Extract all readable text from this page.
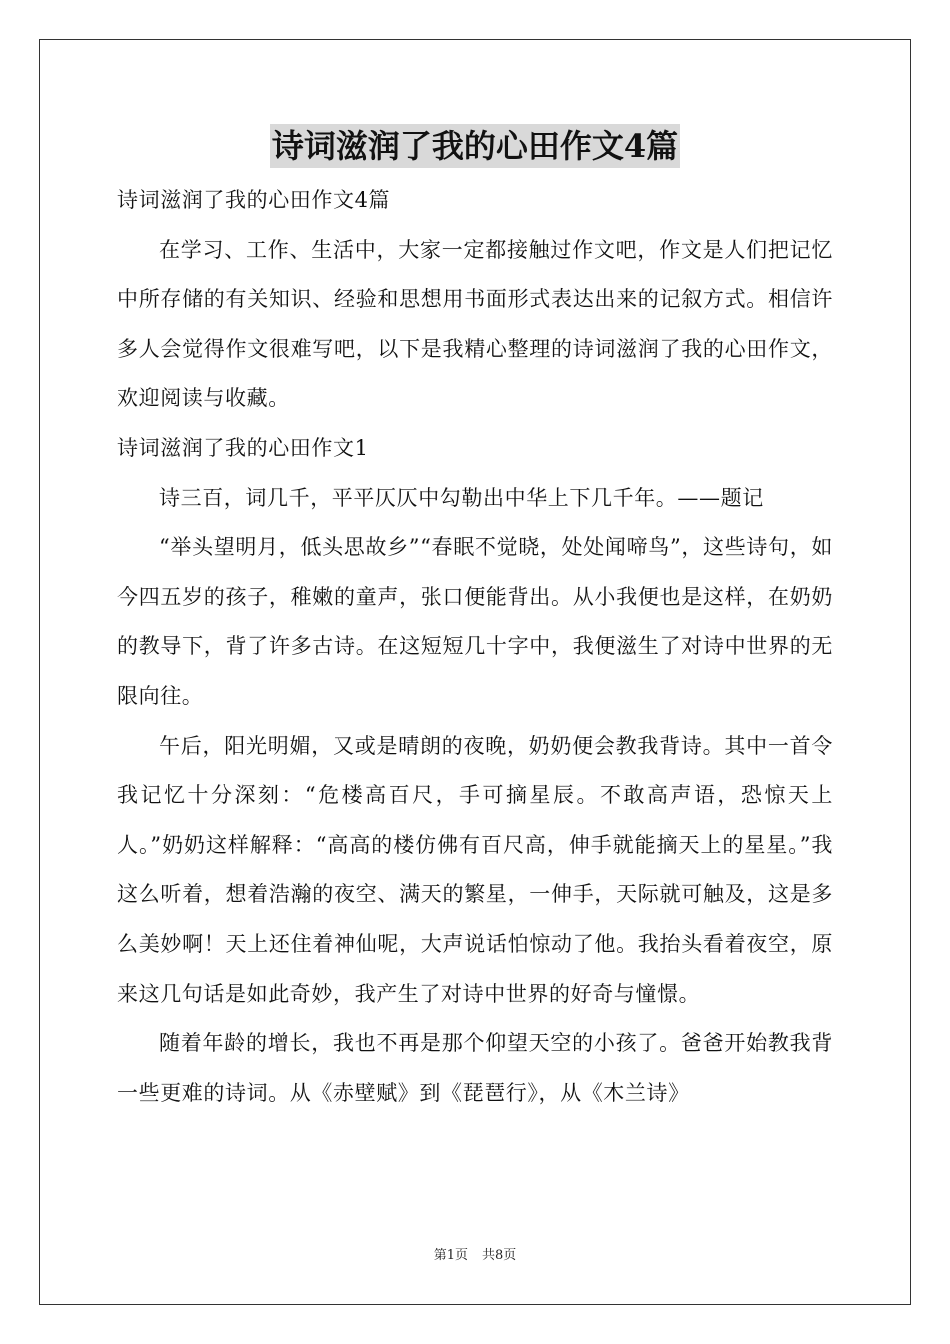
诗词滋润了我的心田作文4篇

诗词滋润了我的心田作文4篇

在学习、工作、生活中，大家一定都接触过作文吧，作文是人们把记忆中所存储的有关知识、经验和思想用书面形式表达出来的记叙方式。相信许多人会觉得作文很难写吧，以下是我精心整理的诗词滋润了我的心田作文，欢迎阅读与收藏。

诗词滋润了我的心田作文1

诗三百，词几千，平平仄仄中勾勒出中华上下几千年。——题记

“举头望明月，低头思故乡”“春眠不觉晓，处处闻啼鸟”，这些诗句，如今四五岁的孩子，稚嫩的童声，张口便能背出。从小我便也是这样，在奶奶的教导下，背了许多古诗。在这短短几十字中，我便滋生了对诗中世界的无限向往。

午后，阳光明媚，又或是晴朗的夜晚，奶奶便会教我背诗。其中一首令我记忆十分深刻：“危楼高百尺，手可摘星辰。不敢高声语，恐惊天上人。”奶奶这样解释：“高高的楼仿佛有百尺高，伸手就能摘天上的星星。”我这么听着，想着浩瀚的夜空、满天的繁星，一伸手，天际就可触及，这是多么美妙啊！天上还住着神仙呢，大声说话怕惊动了他。我抬头看着夜空，原来这几句话是如此奇妙，我产生了对诗中世界的好奇与憧憬。

随着年龄的增长，我也不再是那个仰望天空的小孩了。爸爸开始教我背一些更难的诗词。从《赤壁赋》到《琵琶行》，从《木兰诗》

第1页 共8页
